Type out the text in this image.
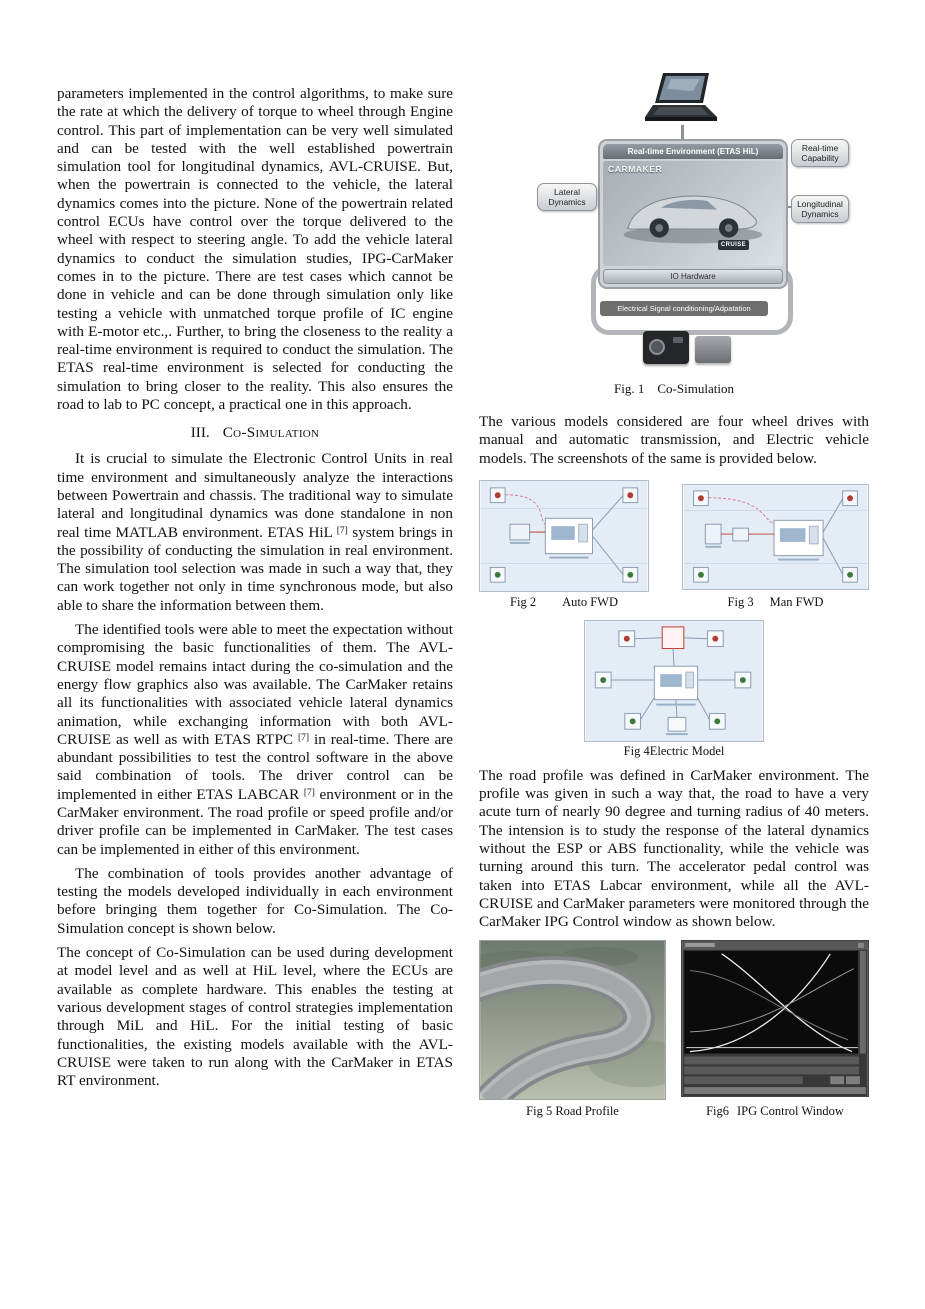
parameters implemented in the control algorithms, to make sure the rate at which the delivery of torque to wheel through Engine control. This part of implementation can be very well simulated and can be tested with the well established powertrain simulation tool for longitudinal dynamics, AVL-CRUISE. But, when the powertrain is connected to the vehicle, the lateral dynamics comes into the picture. None of the powertrain related control ECUs have control over the torque delivered to the wheel with respect to steering angle. To add the vehicle lateral dynamics to conduct the simulation studies, IPG-CarMaker comes in to the picture. There are test cases which cannot be done in vehicle and can be done through simulation only like testing a vehicle with unmatched torque profile of IC engine with E-motor etc.,. Further, to bring the closeness to the reality a real-time environment is required to conduct the simulation. The ETAS real-time environment is selected for conducting the simulation to bring closer to the reality. This also ensures the road to lab to PC concept, a practical one in this approach.

III. Co-Simulation

It is crucial to simulate the Electronic Control Units in real time environment and simultaneously analyze the interactions between Powertrain and chassis. The traditional way to simulate lateral and longitudinal dynamics was done standalone in non real time MATLAB environment. ETAS HiL [7] system brings in the possibility of conducting the simulation in real environment. The simulation tool selection was made in such a way that, they can work together not only in time synchronous mode, but also able to share the information between them.

The identified tools were able to meet the expectation without compromising the basic functionalities of them. The AVL-CRUISE model remains intact during the co-simulation and the energy flow graphics also was available. The CarMaker retains all its functionalities with associated vehicle lateral dynamics animation, while exchanging information with both AVL-CRUISE as well as with ETAS RTPC [7] in real-time. There are abundant possibilities to test the control software in the above said combination of tools. The driver control can be implemented in either ETAS LABCAR [7] environment or in the CarMaker environment. The road profile or speed profile and/or driver profile can be implemented in CarMaker. The test cases can be implemented in either of this environment.

The combination of tools provides another advantage of testing the models developed individually in each environment before bringing them together for Co-Simulation. The Co-Simulation concept is shown below.

The concept of Co-Simulation can be used during development at model level and as well at HiL level, where the ECUs are available as complete hardware. This enables the testing at various development stages of control strategies implementation through MiL and HiL. For the initial testing of basic functionalities, the existing models available with the AVL-CRUISE were taken to run along with the CarMaker in ETAS RT environment.

Real-time Environment (ETAS HiL)
CARMAKER
CRUISE
IO Hardware
Real-time Capability
Lateral Dynamics	Longitudinal Dynamics
Electrical Signal conditioning/Adpatation
Fig. 1 Co-Simulation

The various models considered are four wheel drives with manual and automatic transmission, and Electric vehicle models. The screenshots of the same is provided below.

Fig 2 Auto FWD	Fig 3 Man FWD
Fig 4Electric Model

The road profile was defined in CarMaker environment. The profile was given in such a way that, the road to have a very acute turn of nearly 90 degree and turning radius of 40 meters. The intension is to study the response of the lateral dynamics without the ESP or ABS functionality, while the vehicle was turning around this turn. The accelerator pedal control was taken into ETAS Labcar environment, while all the AVL-CRUISE and CarMaker parameters were monitored through the CarMaker IPG Control window as shown below.

Fig 5 Road Profile	Fig6 IPG Control Window
